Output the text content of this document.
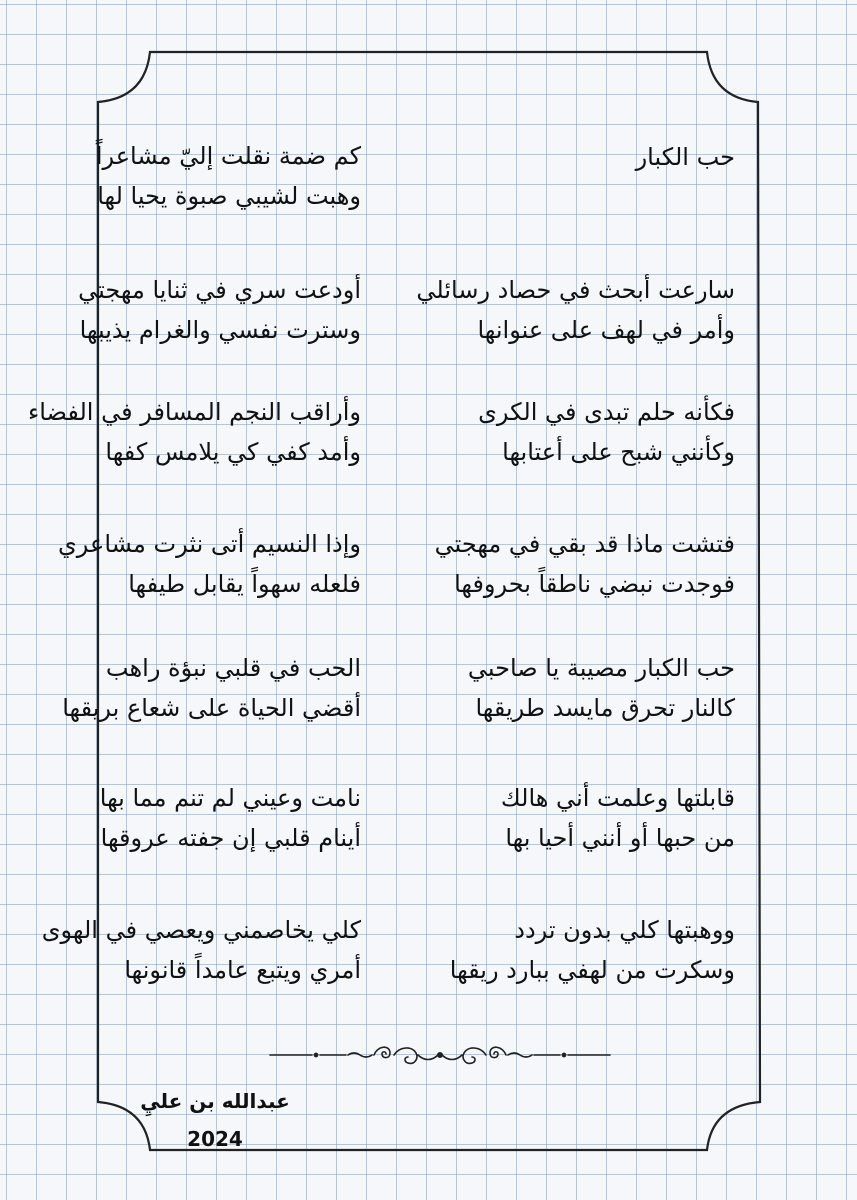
حب الكبار
كم ضمة نقلت إليّ مشاعراً
وهبت لشيبي صبوة يحيا لها
سارعت أبحث في حصاد رسائلي
وأمر في لهف على عنوانها
فكأنه حلم تبدى في الكرى
وكأنني شبح على أعتابها
فتشت ماذا قد بقي في مهجتي
فوجدت نبضي ناطقاً بحروفها
حب الكبار مصيبة يا صاحبي
كالنار تحرق مايسد طريقها
قابلتها وعلمت أني هالك
من حبها أو أنني أحيا بها
ووهبتها كلي بدون تردد
وسكرت من لهفي ببارد ريقها
أودعت سري في ثنايا مهجتي
وسترت نفسي والغرام يذيبها
وأراقب النجم المسافر في الفضاء
وأمد كفي كي يلامس كفها
وإذا النسيم أتى نثرت مشاعري
فلعله سهواً يقابل طيفها
الحب في قلبي نبؤة راهب
أقضي الحياة على شعاع بريقها
نامت وعيني لم تنم مما بها
أينام قلبي إن جفته عروقها
كلي يخاصمني ويعصي في الهوى
أمري ويتبع عامداً قانونها
عبدالله بن عليِ
2024
